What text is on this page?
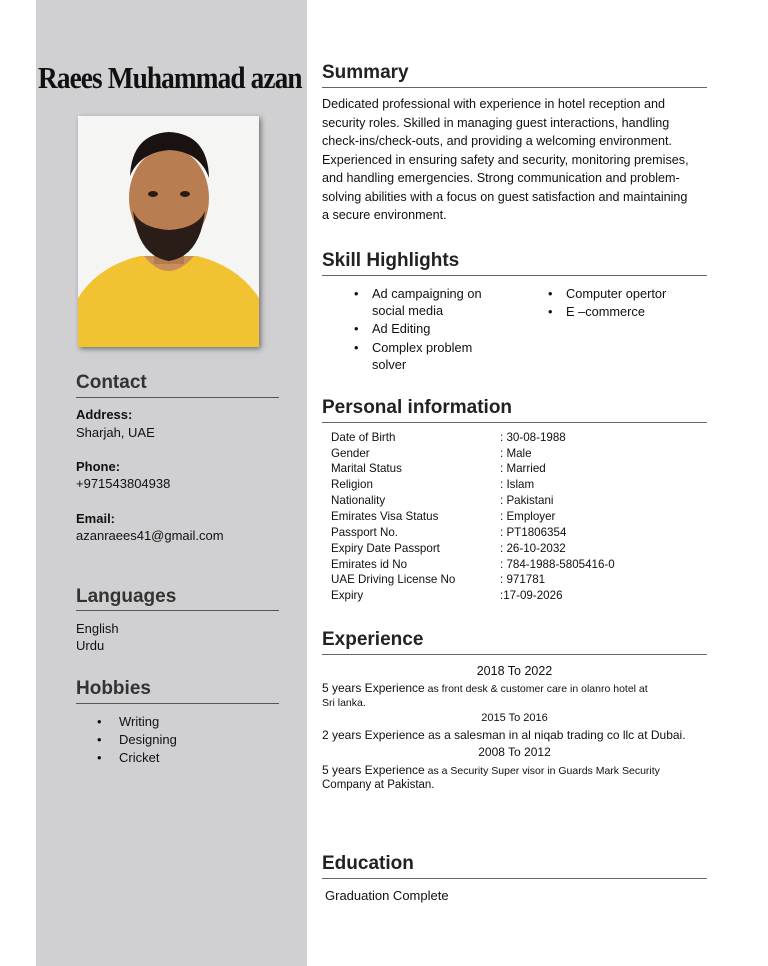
Raees Muhammad azan
Contact
Address:
Sharjah, UAE
Phone:
+971543804938
Email:
azanraees41@gmail.com
Languages
English
Urdu
Hobbies
• Writing
• Designing
• Cricket
Summary
Dedicated professional with experience in hotel reception and
security roles. Skilled in managing guest interactions, handling
check-ins/check-outs, and providing a welcoming environment.
Experienced in ensuring safety and security, monitoring premises,
and handling emergencies. Strong communication and problem-
solving abilities with a focus on guest satisfaction and maintaining
a secure environment.
Skill Highlights
• Ad campaigning on
social media
• Ad Editing
• Complex problem
solver
• Computer opertor
• E –commerce
Personal information
Date of Birth	: 30-08-1988
Gender	: Male
Marital Status	: Married
Religion	: Islam
Nationality	: Pakistani
Emirates Visa Status	: Employer
Passport No.	: PT1806354
Expiry Date Passport	: 26-10-2032
Emirates id No	: 784-1988-5805416-0
UAE Driving License No	: 971781
Expiry	:17-09-2026
Experience
2018 To 2022
5 years Experience as front desk & customer care in olanro hotel at
Sri lanka.
2015 To 2016
2 years Experience as a salesman in al niqab trading co llc at Dubai.
2008 To 2012
5 years Experience as a Security Super visor in Guards Mark Security
Company at Pakistan.
Education
Graduation Complete
